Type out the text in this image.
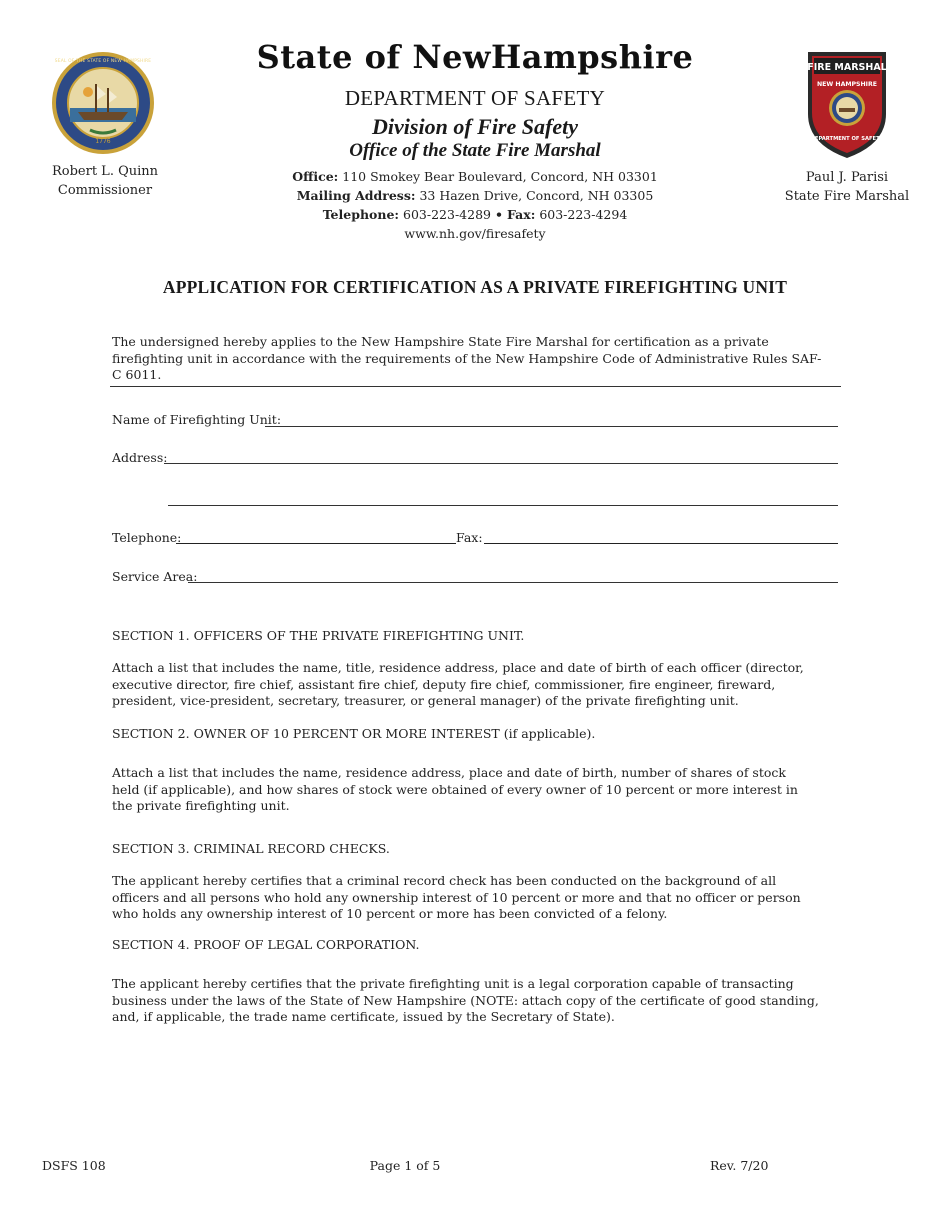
1776
SEAL OF THE STATE OF NEW HAMPSHIRE
Robert L. Quinn
Commissioner
FIRE MARSHAL
NEW HAMPSHIRE
DEPARTMENT OF SAFETY
Paul J. Parisi
State Fire Marshal
State of NewHampshire
DEPARTMENT OF SAFETY
Division of Fire Safety
Office of the State Fire Marshal
Office: 110 Smokey Bear Boulevard, Concord, NH 03301
Mailing Address: 33 Hazen Drive, Concord, NH 03305
Telephone: 603-223-4289 • Fax: 603-223-4294
www.nh.gov/firesafety
APPLICATION FOR CERTIFICATION AS A PRIVATE FIREFIGHTING UNIT
The undersigned hereby applies to the New Hampshire State Fire Marshal for certification as a private firefighting unit in accordance with the requirements of the New Hampshire Code of Administrative Rules SAF-C 6011.
Name of Firefighting Unit:
Address:
Telephone:	Fax:
Service Area:
SECTION 1. OFFICERS OF THE PRIVATE FIREFIGHTING UNIT.
Attach a list that includes the name, title, residence address, place and date of birth of each officer (director, executive director, fire chief, assistant fire chief, deputy fire chief, commissioner, fire engineer, fireward, president, vice-president, secretary, treasurer, or general manager) of the private firefighting unit.
SECTION 2. OWNER OF 10 PERCENT OR MORE INTEREST (if applicable).
Attach a list that includes the name, residence address, place and date of birth, number of shares of stock held (if applicable), and how shares of stock were obtained of every owner of 10 percent or more interest in the private firefighting unit.
SECTION 3. CRIMINAL RECORD CHECKS.
The applicant hereby certifies that a criminal record check has been conducted on the background of all officers and all persons who hold any ownership interest of 10 percent or more and that no officer or person who holds any ownership interest of 10 percent or more has been convicted of a felony.
SECTION 4. PROOF OF LEGAL CORPORATION.
The applicant hereby certifies that the private firefighting unit is a legal corporation capable of transacting business under the laws of the State of New Hampshire (NOTE: attach copy of the certificate of good standing, and, if applicable, the trade name certificate, issued by the Secretary of State).
DSFS 108	Page 1 of 5	Rev. 7/20
